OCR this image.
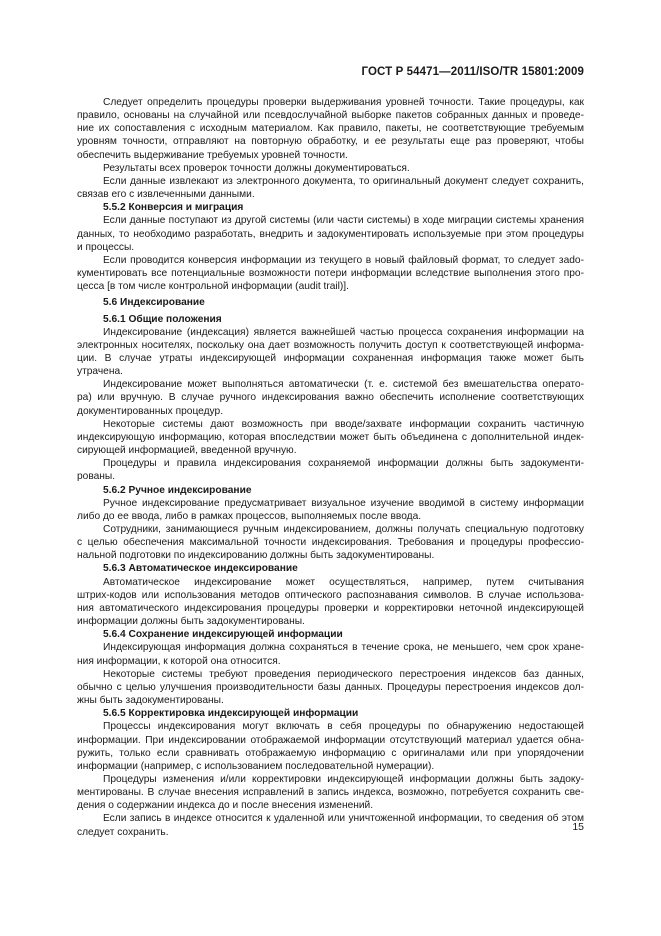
ГОСТ Р 54471—2011/ISO/TR 15801:2009
Следует определить процедуры проверки выдерживания уровней точности. Такие процедуры, как
правило, основаны на случайной или псевдослучайной выборке пакетов собранных данных и проведе-
ние их сопоставления с исходным материалом. Как правило, пакеты, не соответствующие требуемым
уровням точности, отправляют на повторную обработку, и ее результаты еще раз проверяют, чтобы
обеспечить выдерживание требуемых уровней точности.
Результаты всех проверок точности должны документироваться.
Если данные извлекают из электронного документа, то оригинальный документ следует сохранить,
связав его с извлеченными данными.
5.5.2 Конверсия и миграция
Если данные поступают из другой системы (или части системы) в ходе миграции системы хранения
данных, то необходимо разработать, внедрить и задокументировать используемые при этом процедуры
и процессы.
Если проводится конверсия информации из текущего в новый файловый формат, то следует зado-
кументировать все потенциальные возможности потери информации вследствие выполнения этого про-
цесса [в том числе контрольной информации (audit trail)].
5.6 Индексирование
5.6.1 Общие положения
Индексирование (индексация) является важнейшей частью процесса сохранения информации на
электронных носителях, поскольку она дает возможность получить доступ к соответствующей информа-
ции. В случае утраты индексирующей информации сохраненная информация также может быть
утрачена.
Индексирование может выполняться автоматически (т. е. системой без вмешательства операто-
ра) или вручную. В случае ручного индексирования важно обеспечить исполнение соответствующих
документированных процедур.
Некоторые системы дают возможность при вводе/захвате информации сохранить частичную
индексирующую информацию, которая впоследствии может быть объединена с дополнительной индек-
сирующей информацией, введенной вручную.
Процедуры и правила индексирования сохраняемой информации должны быть задокументи-
рованы.
5.6.2 Ручное индексирование
Ручное индексирование предусматривает визуальное изучение вводимой в систему информации
либо до ее ввода, либо в рамках процессов, выполняемых после ввода.
Сотрудники, занимающиеся ручным индексированием, должны получать специальную подготовку
с целью обеспечения максимальной точности индексирования. Требования и процедуры профессио-
нальной подготовки по индексированию должны быть задокументированы.
5.6.3 Автоматическое индексирование
Автоматическое индексирование может осуществляться, например, путем считывания
штрих-кодов или использования методов оптического распознавания символов. В случае использова-
ния автоматического индексирования процедуры проверки и корректировки неточной индексирующей
информации должны быть задокументированы.
5.6.4 Сохранение индексирующей информации
Индексирующая информация должна сохраняться в течение срока, не меньшего, чем срок хране-
ния информации, к которой она относится.
Некоторые системы требуют проведения периодического перестроения индексов баз данных,
обычно с целью улучшения производительности базы данных. Процедуры перестроения индексов дол-
жны быть задокументированы.
5.6.5 Корректировка индексирующей информации
Процессы индексирования могут включать в себя процедуры по обнаружению недостающей
информации. При индексировании отображаемой информации отсутствующий материал удается обна-
ружить, только если сравнивать отображаемую информацию с оригиналами или при упорядочении
информации (например, с использованием последовательной нумерации).
Процедуры изменения и/или корректировки индексирующей информации должны быть задоку-
ментированы. В случае внесения исправлений в запись индекса, возможно, потребуется сохранить све-
дения о содержании индекса до и после внесения изменений.
Если запись в индексе относится к удаленной или уничтоженной информации, то сведения об этом
следует сохранить.	15
